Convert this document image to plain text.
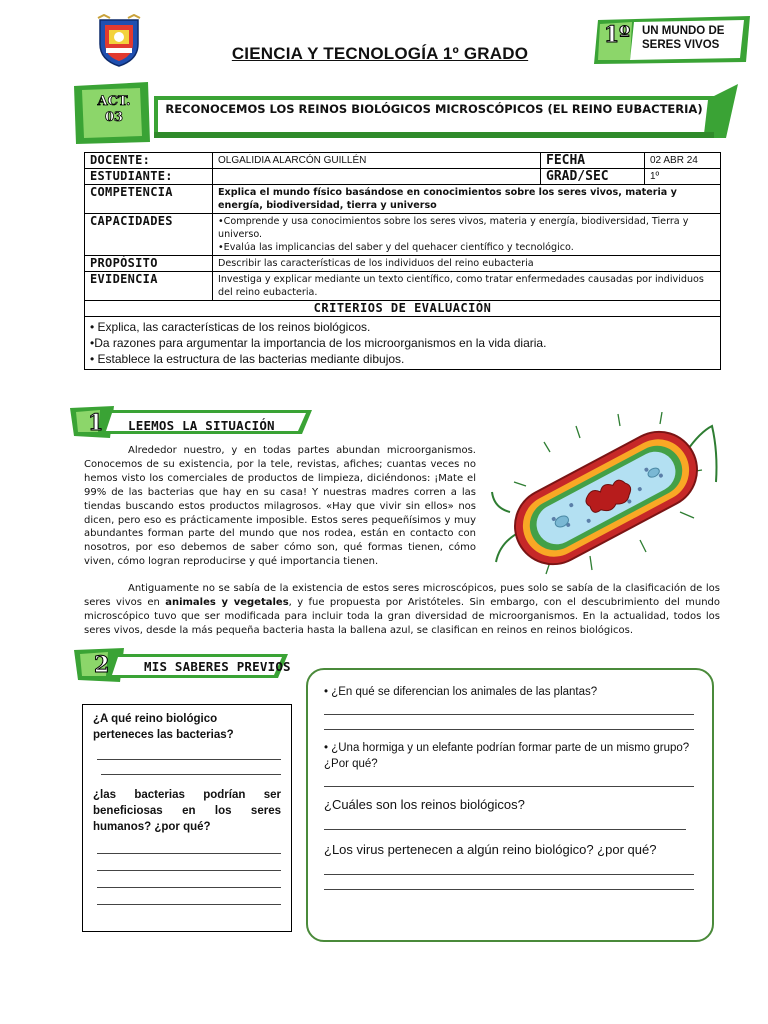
CIENCIA Y TECNOLOGÍA 1º GRADO
1º	UN MUNDO DE SERES VIVOS
ACT.
03
RECONOCEMOS LOS REINOS BIOLÓGICOS MICROSCÓPICOS (EL REINO EUBACTERIA)
DOCENTE:	OLGALIDIA ALARCÓN GUILLÉN	FECHA	02 ABR 24
ESTUDIANTE:		GRAD/SEC	1º
COMPETENCIA	Explica el mundo físico basándose en conocimientos sobre los seres vivos, materia y energía, biodiversidad, tierra y universo		
CAPACIDADES	•Comprende y usa conocimientos sobre los seres vivos, materia y energía, biodiversidad, Tierra y universo.
•Evalúa las implicancias del saber y del quehacer científico y tecnológico.		

PROPÓSITO	Describir las características de los individuos del reino eubacteria		
EVIDENCIA	Investiga y explicar mediante un texto científico, como tratar enfermedades causadas por individuos del reino eubacteria.		
CRITERIOS DE EVALUACIÓN			

• Explica, las características de los reinos biológicos.
•Da razones para argumentar la importancia de los microorganismos en la vida diaria.
• Establece la estructura de las bacterias mediante dibujos.			
1 LEEMOS LA SITUACIÓN
Alrededor nuestro, y en todas partes abundan microorganismos. Conocemos de su existencia, por la tele, revistas, afiches; cuantas veces no hemos visto los comerciales de productos de limpieza, diciéndonos: ¡Mate el 99% de las bacterias que hay en su casa! Y nuestras madres corren a las tiendas buscando estos productos milagrosos. «Hay que vivir sin ellos» nos dicen, pero eso es prácticamente imposible. Estos seres pequeñísimos y muy abundantes forman parte del mundo que nos rodea, están en contacto con nosotros, por eso debemos de saber cómo son, qué formas tienen, cómo viven, cómo logran reproducirse y qué importancia tienen.
Antiguamente no se sabía de la existencia de estos seres microscópicos, pues solo se sabía de la clasificación de los seres vivos en animales y vegetales, y fue propuesta por Aristóteles. Sin embargo, con el descubrimiento del mundo microscópico tuvo que ser modificada para incluir toda la gran diversidad de microorganismos. En la actualidad, todos los seres vivos, desde la más pequeña bacteria hasta la ballena azul, se clasifican en reinos en reinos biológicos.
2	MIS SABERES PREVIOS
¿A qué reino biológico perteneces las bacterias?
¿las bacterias podrían ser beneficiosas en los seres humanos? ¿por qué?
• ¿En qué se diferencian los animales de las plantas?
• ¿Una hormiga y un elefante podrían formar parte de un mismo grupo? ¿Por qué?
¿Cuáles son los reinos biológicos?
¿Los virus pertenecen a algún reino biológico? ¿por qué?
